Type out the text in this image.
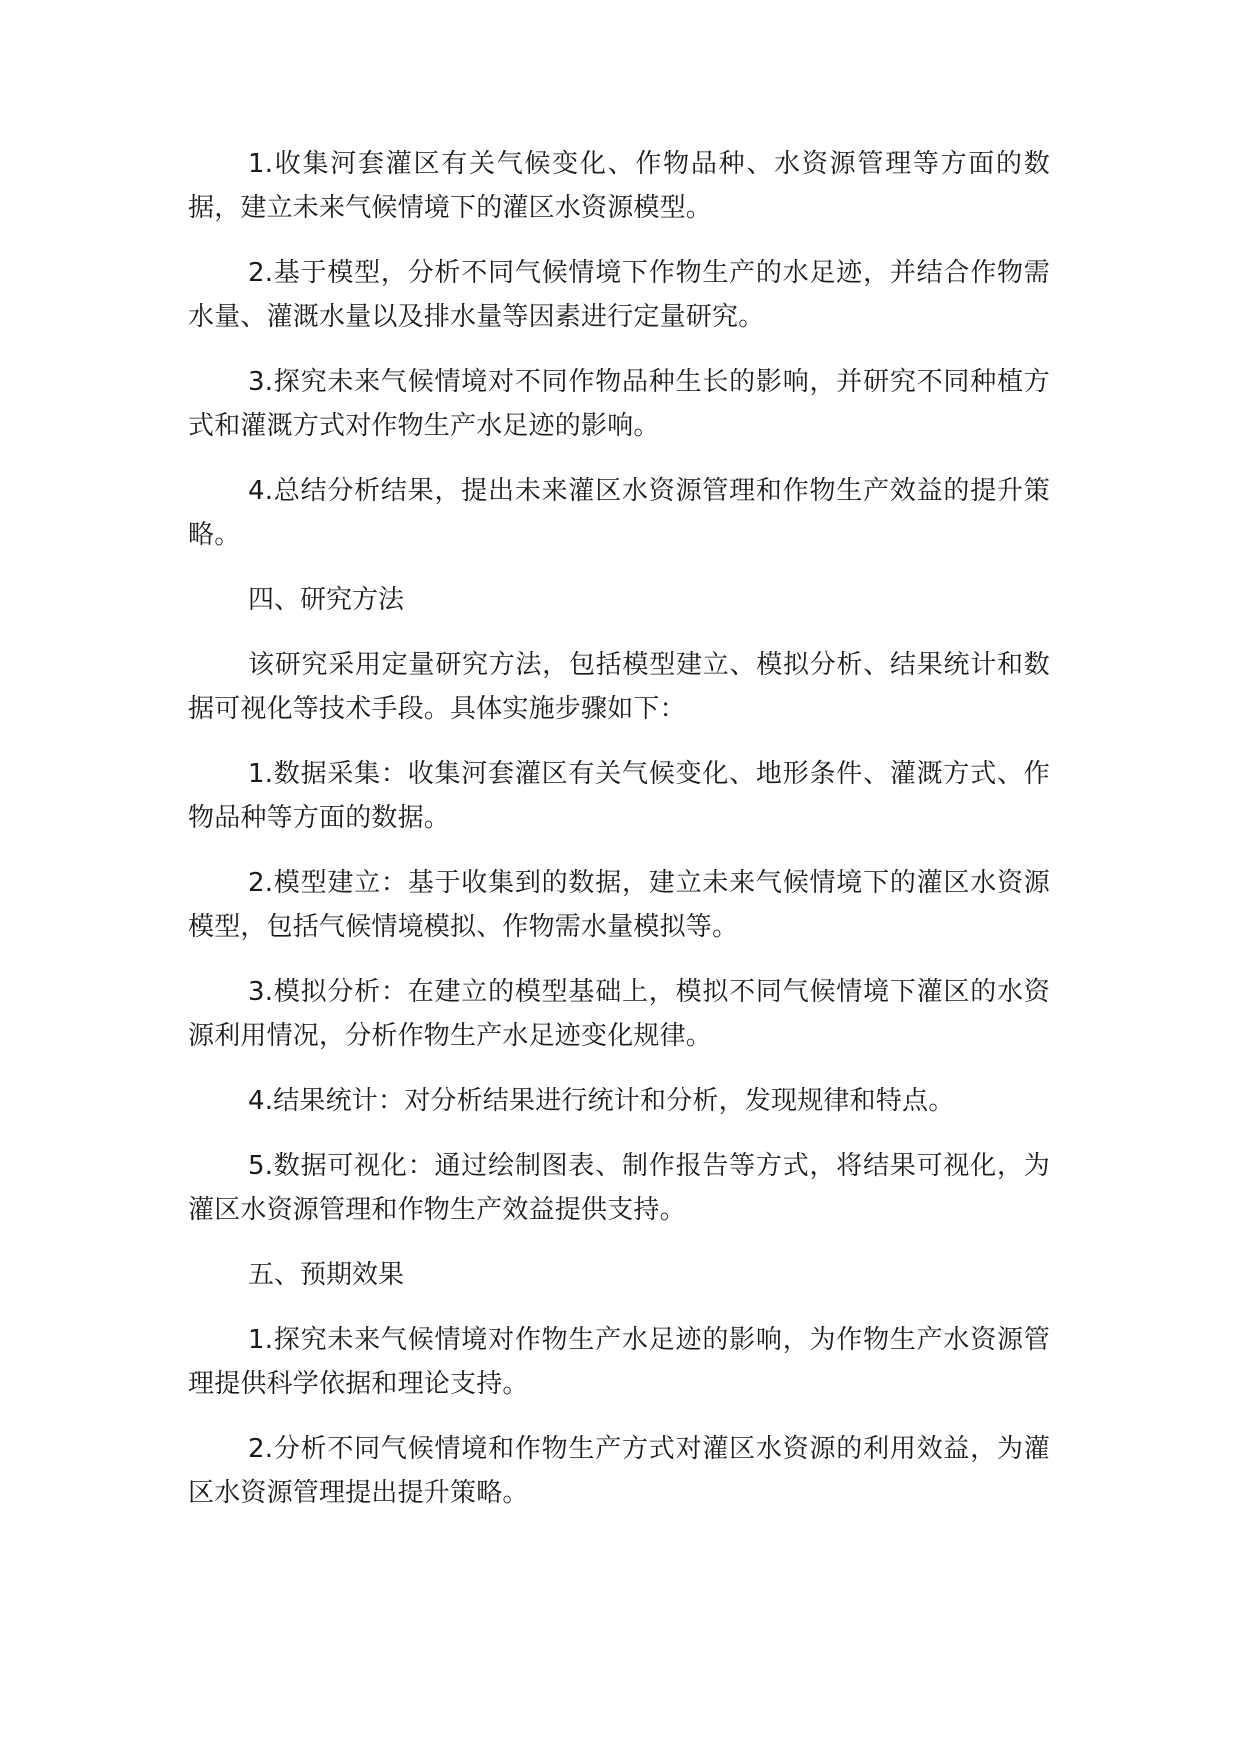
1.收集河套灌区有关气候变化、作物品种、水资源管理等方面的数据，建立未来气候情境下的灌区水资源模型。

2.基于模型，分析不同气候情境下作物生产的水足迹，并结合作物需水量、灌溉水量以及排水量等因素进行定量研究。

3.探究未来气候情境对不同作物品种生长的影响，并研究不同种植方式和灌溉方式对作物生产水足迹的影响。

4.总结分析结果，提出未来灌区水资源管理和作物生产效益的提升策略。

四、研究方法

该研究采用定量研究方法，包括模型建立、模拟分析、结果统计和数据可视化等技术手段。具体实施步骤如下：

1.数据采集：收集河套灌区有关气候变化、地形条件、灌溉方式、作物品种等方面的数据。

2.模型建立：基于收集到的数据，建立未来气候情境下的灌区水资源模型，包括气候情境模拟、作物需水量模拟等。

3.模拟分析：在建立的模型基础上，模拟不同气候情境下灌区的水资源利用情况，分析作物生产水足迹变化规律。

4.结果统计：对分析结果进行统计和分析，发现规律和特点。

5.数据可视化：通过绘制图表、制作报告等方式，将结果可视化，为灌区水资源管理和作物生产效益提供支持。

五、预期效果

1.探究未来气候情境对作物生产水足迹的影响，为作物生产水资源管理提供科学依据和理论支持。

2.分析不同气候情境和作物生产方式对灌区水资源的利用效益，为灌区水资源管理提出提升策略。
